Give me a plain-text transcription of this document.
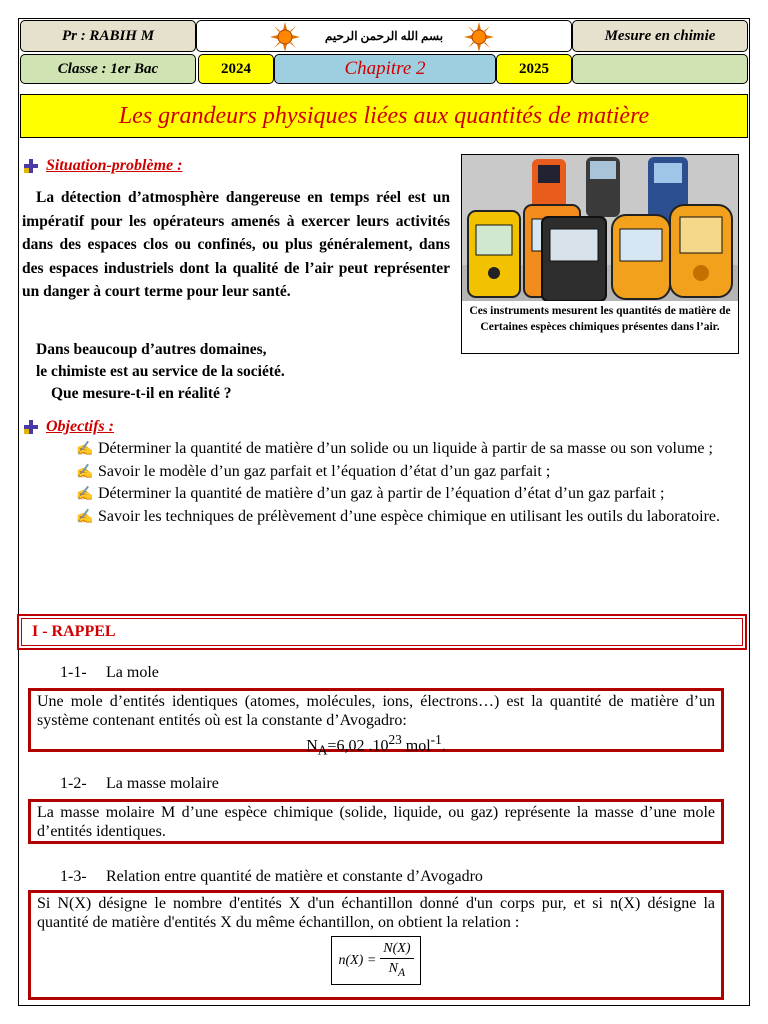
Pr : RABIH M	بسم الله الرحمن الرحيم	Mesure en chimie
Classe : 1er Bac	2024	Chapitre 2	2025
Les grandeurs physiques liées aux quantités de matière
Situation-problème :
La détection d’atmosphère dangereuse en temps réel est un impératif pour les opérateurs amenés à exercer leurs activités dans des espaces clos ou confinés, ou plus généralement, dans des espaces industriels dont la qualité de l’air peut représenter un danger à court terme pour leur santé.
Dans beaucoup d’autres domaines,
le chimiste est au service de la société.
Que mesure-t-il en réalité ?
Ces instruments mesurent les quantités de matière de Certaines espèces chimiques présentes dans l’air.
Objectifs :
✍ Déterminer la quantité de matière d’un solide ou un liquide à partir de sa masse ou son volume ;
✍ Savoir le modèle d’un gaz parfait et l’équation d’état d’un gaz parfait ;
✍ Déterminer la quantité de matière d’un gaz à partir de l’équation d’état d’un gaz parfait ;
✍ Savoir les techniques de prélèvement d’une espèce chimique en utilisant les outils du laboratoire.
I - RAPPEL
1-1- La mole
Une mole d’entités identiques (atomes, molécules, ions, électrons…) est la quantité de matière d’un système contenant entités où est la constante d’Avogadro:
$N_A=6,02$ $.10^{23}$ mol$^{-1}$.
1-2- La masse molaire
La masse molaire M d’une espèce chimique (solide, liquide, ou gaz) représente la masse d’une mole d’entités identiques.
1-3- Relation entre quantité de matière et constante d’Avogadro
Si N(X) désigne le nombre d'entités X d'un échantillon donné d'un corps pur, et si n(X) désigne la quantité de matière d'entités X du même échantillon, on obtient la relation :
$n(X) = \frac{N(X)}{N_A}$
